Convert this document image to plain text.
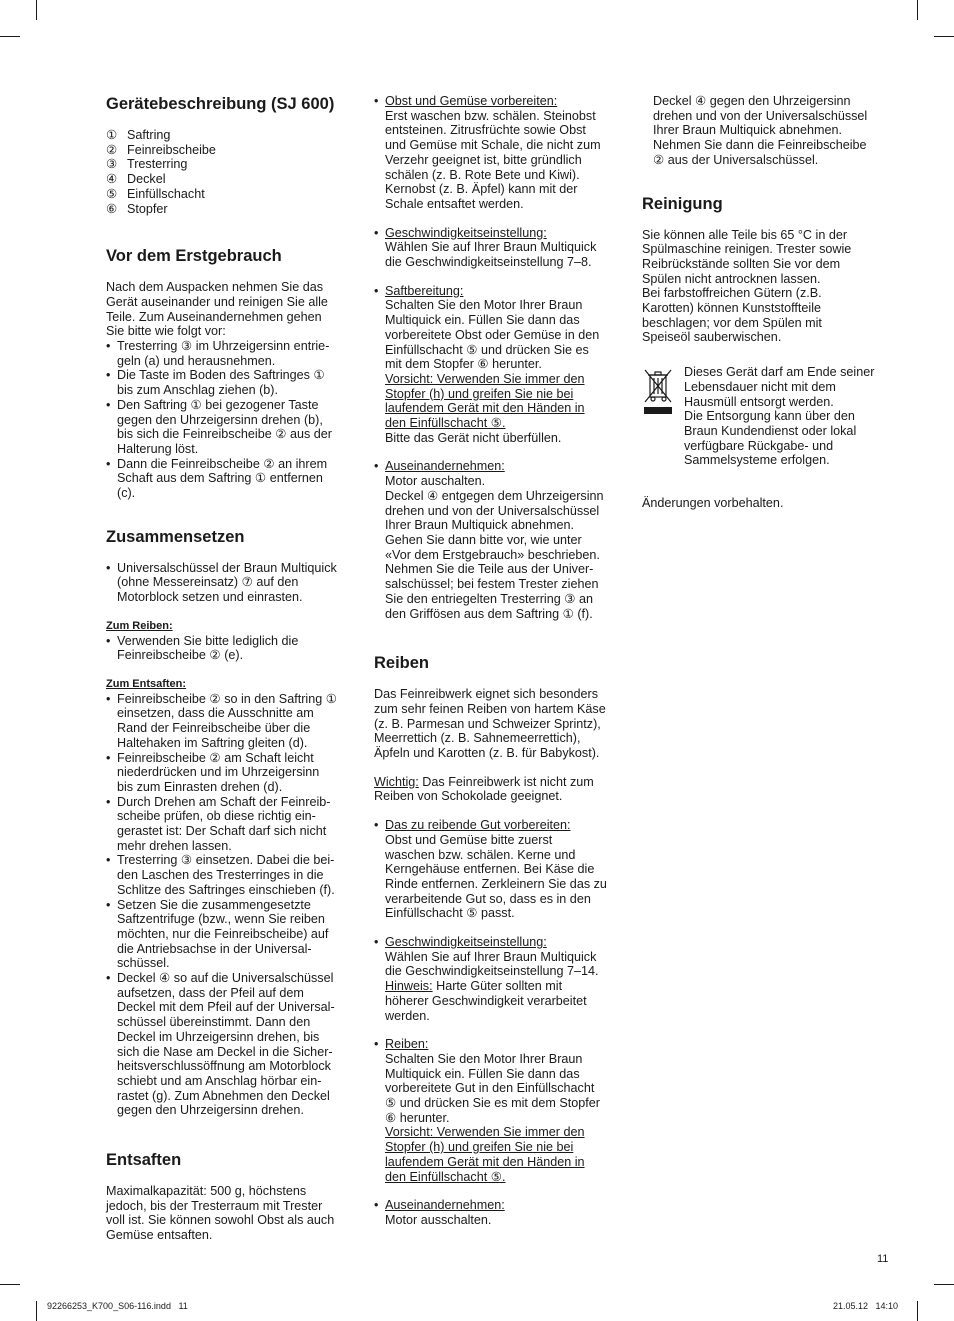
Gerätebeschreibung (SJ 600)
① Saftring
② Feinreibscheibe
③ Tresterring
④ Deckel
⑤ Einfüllschacht
⑥ Stopfer
Vor dem Erstgebrauch

Nach dem Auspacken nehmen Sie das
Gerät auseinander und reinigen Sie alle
Teile. Zum Auseinandernehmen gehen
Sie bitte wie folgt vor:

• Tresterring ③ im Uhrzeigersinn entrie-
geln (a) und herausnehmen.
• Die Taste im Boden des Saftringes ①
bis zum Anschlag ziehen (b).
• Den Saftring ① bei gezogener Taste
gegen den Uhrzeigersinn drehen (b),
bis sich die Feinreibscheibe ② aus der
Halterung löst.
• Dann die Feinreibscheibe ② an ihrem
Schaft aus dem Saftring ① entfernen
(c).
Zusammensetzen
• Universalschüssel der Braun Multiquick
(ohne Messereinsatz) ⑦ auf den
Motorblock setzen und einrasten.

Zum Reiben:

• Verwenden Sie bitte lediglich die
Feinreibscheibe ② (e).

Zum Entsaften:

• Feinreibscheibe ② so in den Saftring ①
einsetzen, dass die Ausschnitte am
Rand der Feinreibscheibe über die
Haltehaken im Saftring gleiten (d).
• Feinreibscheibe ② am Schaft leicht
niederdrücken und im Uhrzeigersinn
bis zum Einrasten drehen (d).
• Durch Drehen am Schaft der Feinreib-
scheibe prüfen, ob diese richtig ein-
gerastet ist: Der Schaft darf sich nicht
mehr drehen lassen.
• Tresterring ③ einsetzen. Dabei die bei-
den Laschen des Tresterringes in die
Schlitze des Saftringes einschieben (f).
• Setzen Sie die zusammengesetzte
Saftzentrifuge (bzw., wenn Sie reiben
möchten, nur die Feinreibscheibe) auf
die Antriebsachse in der Universal-
schüssel.
• Deckel ④ so auf die Universalschüssel
aufsetzen, dass der Pfeil auf dem
Deckel mit dem Pfeil auf der Universal-
schüssel übereinstimmt. Dann den
Deckel im Uhrzeigersinn drehen, bis
sich die Nase am Deckel in die Sicher-
heitsverschlussöffnung am Motorblock
schiebt und am Anschlag hörbar ein-
rastet (g). Zum Abnehmen den Deckel
gegen den Uhrzeigersinn drehen.
Entsaften

Maximalkapazität: 500 g, höchstens
jedoch, bis der Tresterraum mit Trester
voll ist. Sie können sowohl Obst als auch
Gemüse entsaften.

• Obst und Gemüse vorbereiten:
Erst waschen bzw. schälen. Steinobst
entsteinen. Zitrusfrüchte sowie Obst
und Gemüse mit Schale, die nicht zum
Verzehr geeignet ist, bitte gründlich
schälen (z. B. Rote Bete und Kiwi).
Kernobst (z. B. Äpfel) kann mit der
Schale entsaftet werden.
• Geschwindigkeitseinstellung:
Wählen Sie auf Ihrer Braun Multiquick
die Geschwindigkeitseinstellung 7–8.
• Saftbereitung:
Schalten Sie den Motor Ihrer Braun
Multiquick ein. Füllen Sie dann das
vorbereitete Obst oder Gemüse in den
Einfüllschacht ⑤ und drücken Sie es
mit dem Stopfer ⑥ herunter.
Vorsicht: Verwenden Sie immer den
Stopfer (h) und greifen Sie nie bei
laufendem Gerät mit den Händen in
den Einfüllschacht ⑤.
Bitte das Gerät nicht überfüllen.
• Auseinandernehmen:
Motor auschalten.
Deckel ④ entgegen dem Uhrzeigersinn
drehen und von der Universalschüssel
Ihrer Braun Multiquick abnehmen.
Gehen Sie dann bitte vor, wie unter
«Vor dem Erstgebrauch» beschrieben.
Nehmen Sie die Teile aus der Univer-
salschüssel; bei festem Trester ziehen
Sie den entriegelten Tresterring ③ an
den Griffösen aus dem Saftring ① (f).
Reiben

Das Feinreibwerk eignet sich besonders
zum sehr feinen Reiben von hartem Käse
(z. B. Parmesan und Schweizer Sprintz),
Meerrettich (z. B. Sahnemeerrettich),
Äpfeln und Karotten (z. B. für Babykost).

Wichtig: Das Feinreibwerk ist nicht zum
Reiben von Schokolade geeignet.

• Das zu reibende Gut vorbereiten:
Obst und Gemüse bitte zuerst
waschen bzw. schälen. Kerne und
Kerngehäuse entfernen. Bei Käse die
Rinde entfernen. Zerkleinern Sie das zu
verarbeitende Gut so, dass es in den
Einfüllschacht ⑤ passt.
• Geschwindigkeitseinstellung:
Wählen Sie auf Ihrer Braun Multiquick
die Geschwindigkeitseinstellung 7–14.
Hinweis: Harte Güter sollten mit
höherer Geschwindigkeit verarbeitet
werden.
• Reiben:
Schalten Sie den Motor Ihrer Braun
Multiquick ein. Füllen Sie dann das
vorbereitete Gut in den Einfüllschacht
⑤ und drücken Sie es mit dem Stopfer
⑥ herunter.
Vorsicht: Verwenden Sie immer den
Stopfer (h) und greifen Sie nie bei
laufendem Gerät mit den Händen in
den Einfüllschacht ⑤.
• Auseinandernehmen:
Motor ausschalten.

Deckel ④ gegen den Uhrzeigersinn
drehen und von der Universalschüssel
Ihrer Braun Multiquick abnehmen.
Nehmen Sie dann die Feinreibscheibe
② aus der Universalschüssel.

Reinigung

Sie können alle Teile bis 65 °C in der
Spülmaschine reinigen. Trester sowie
Reibrückstände sollten Sie vor dem
Spülen nicht antrocknen lassen.
Bei farbstoffreichen Gütern (z.B.
Karotten) können Kunststoffteile
beschlagen; vor dem Spülen mit
Speiseöl sauberwischen.

Dieses Gerät darf am Ende seiner
Lebensdauer nicht mit dem
Hausmüll entsorgt werden.
Die Entsorgung kann über den
Braun Kundendienst oder lokal
verfügbare Rückgabe- und
Sammelsysteme erfolgen.

Änderungen vorbehalten.

11
92266253_K700_S06-116.indd   11	21.05.12   14:10
